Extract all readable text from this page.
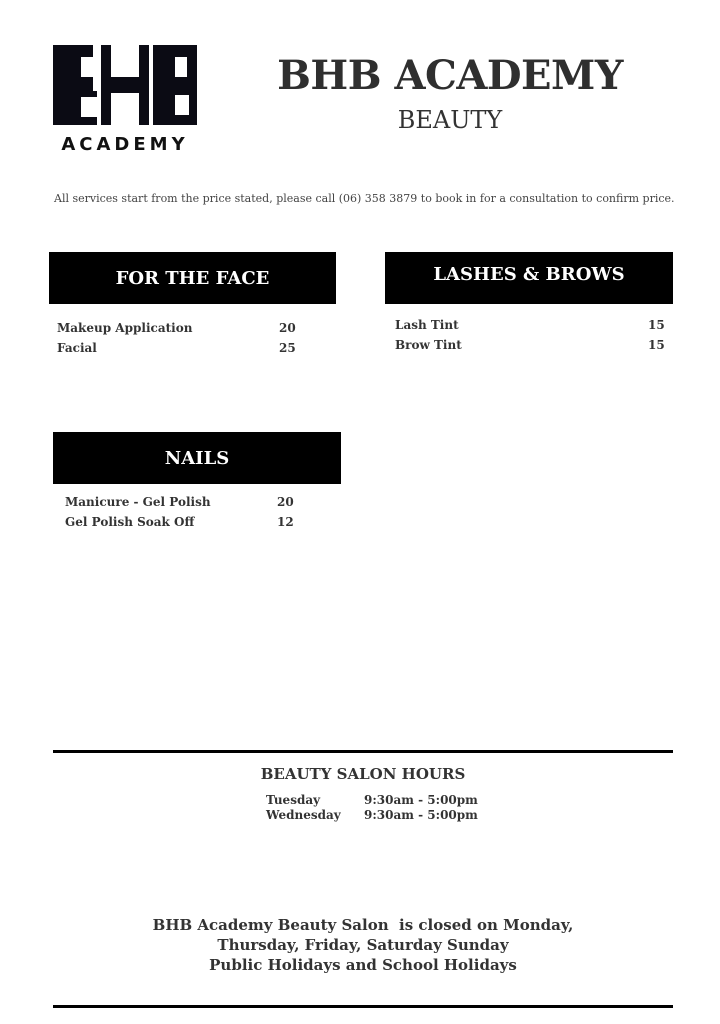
ACADEMY
BHB ACADEMY
BEAUTY
All services start from the price stated, please call (06) 358 3879 to book in for a consultation to confirm price.
FOR THE FACE
Makeup Application	20
Facial	25
LASHES & BROWS
Lash Tint	15
Brow Tint	15
NAILS
Manicure - Gel Polish	20
Gel Polish Soak Off	12
BEAUTY SALON HOURS
Tuesday	9:30am - 5:00pm
Wednesday 9:30am - 5:00pm
BHB Academy Beauty Salon  is closed on Monday,
Thursday, Friday, Saturday Sunday
Public Holidays and School Holidays
